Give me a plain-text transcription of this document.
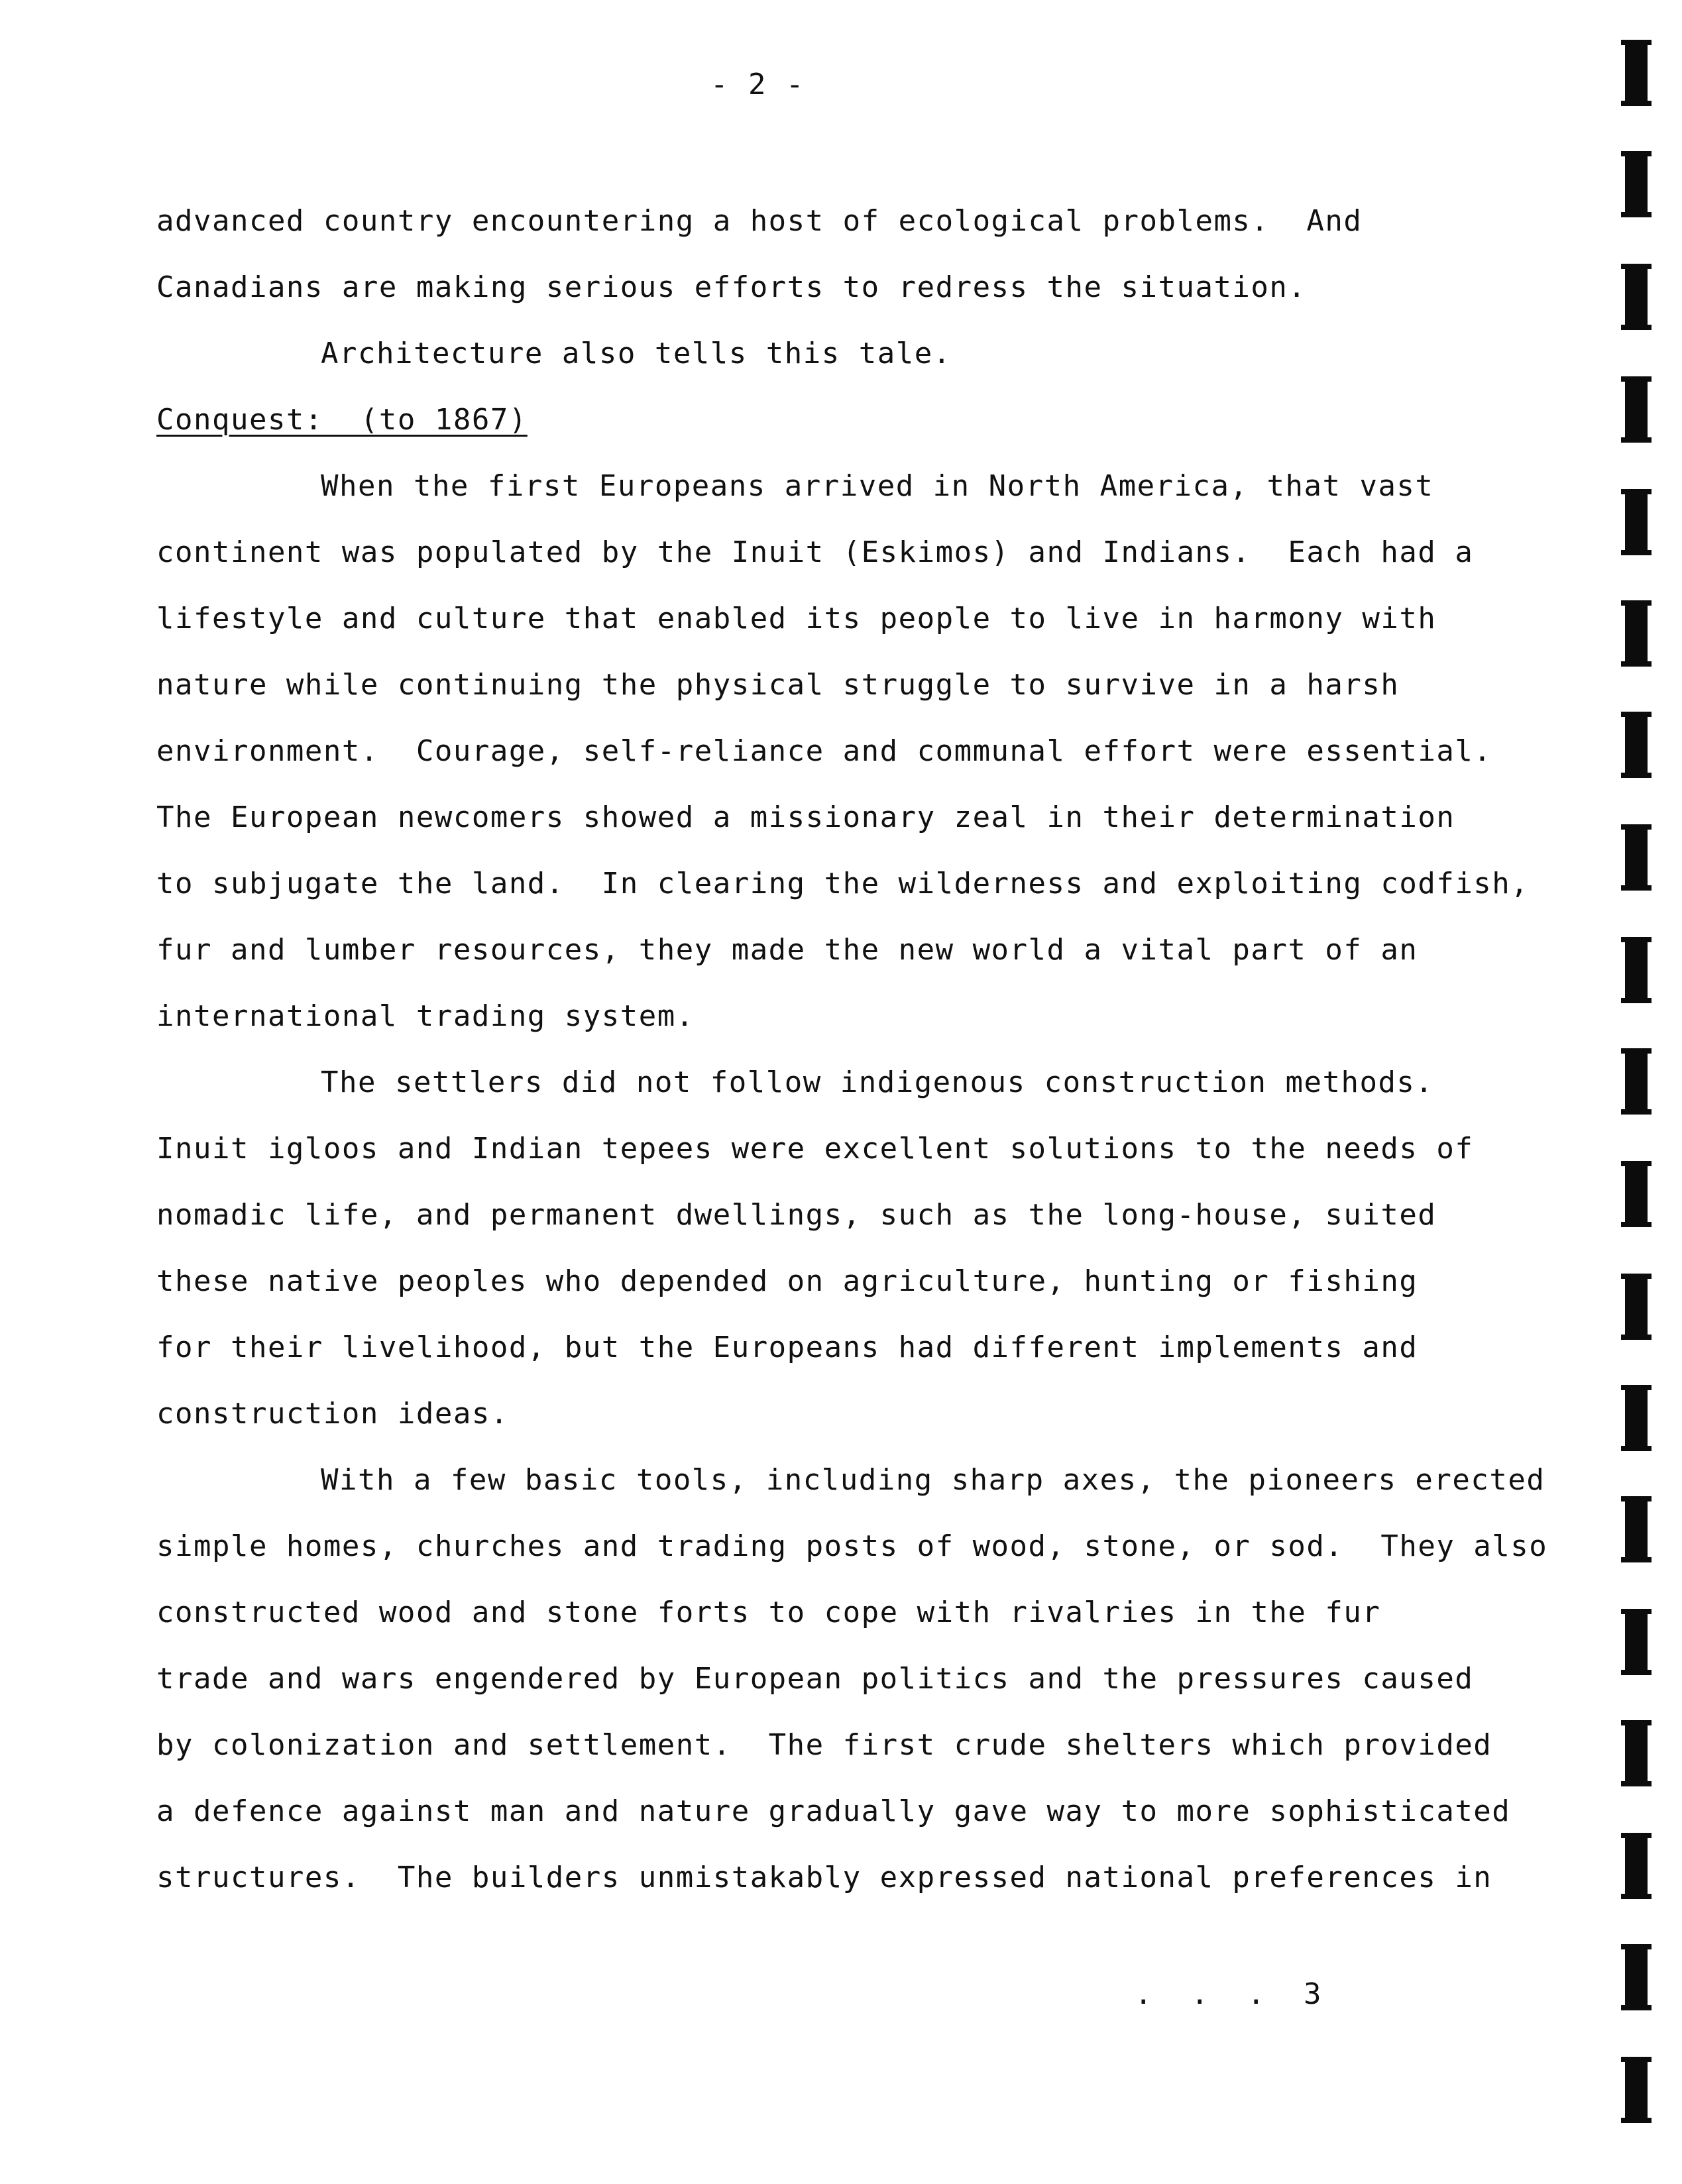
- 2 -
advanced country encountering a host of ecological problems.  And
Canadians are making serious efforts to redress the situation.
Architecture also tells this tale.
Conquest:  (to 1867)
When the first Europeans arrived in North America, that vast
continent was populated by the Inuit (Eskimos) and Indians.  Each had a
lifestyle and culture that enabled its people to live in harmony with
nature while continuing the physical struggle to survive in a harsh
environment.  Courage, self-reliance and communal effort were essential.
The European newcomers showed a missionary zeal in their determination
to subjugate the land.  In clearing the wilderness and exploiting codfish,
fur and lumber resources, they made the new world a vital part of an
international trading system.
The settlers did not follow indigenous construction methods.
Inuit igloos and Indian tepees were excellent solutions to the needs of
nomadic life, and permanent dwellings, such as the long-house, suited
these native peoples who depended on agriculture, hunting or fishing
for their livelihood, but the Europeans had different implements and
construction ideas.
With a few basic tools, including sharp axes, the pioneers erected
simple homes, churches and trading posts of wood, stone, or sod.  They also
constructed wood and stone forts to cope with rivalries in the fur
trade and wars engendered by European politics and the pressures caused
by colonization and settlement.  The first crude shelters which provided
a defence against man and nature gradually gave way to more sophisticated
structures.  The builders unmistakably expressed national preferences in
. . . 3
